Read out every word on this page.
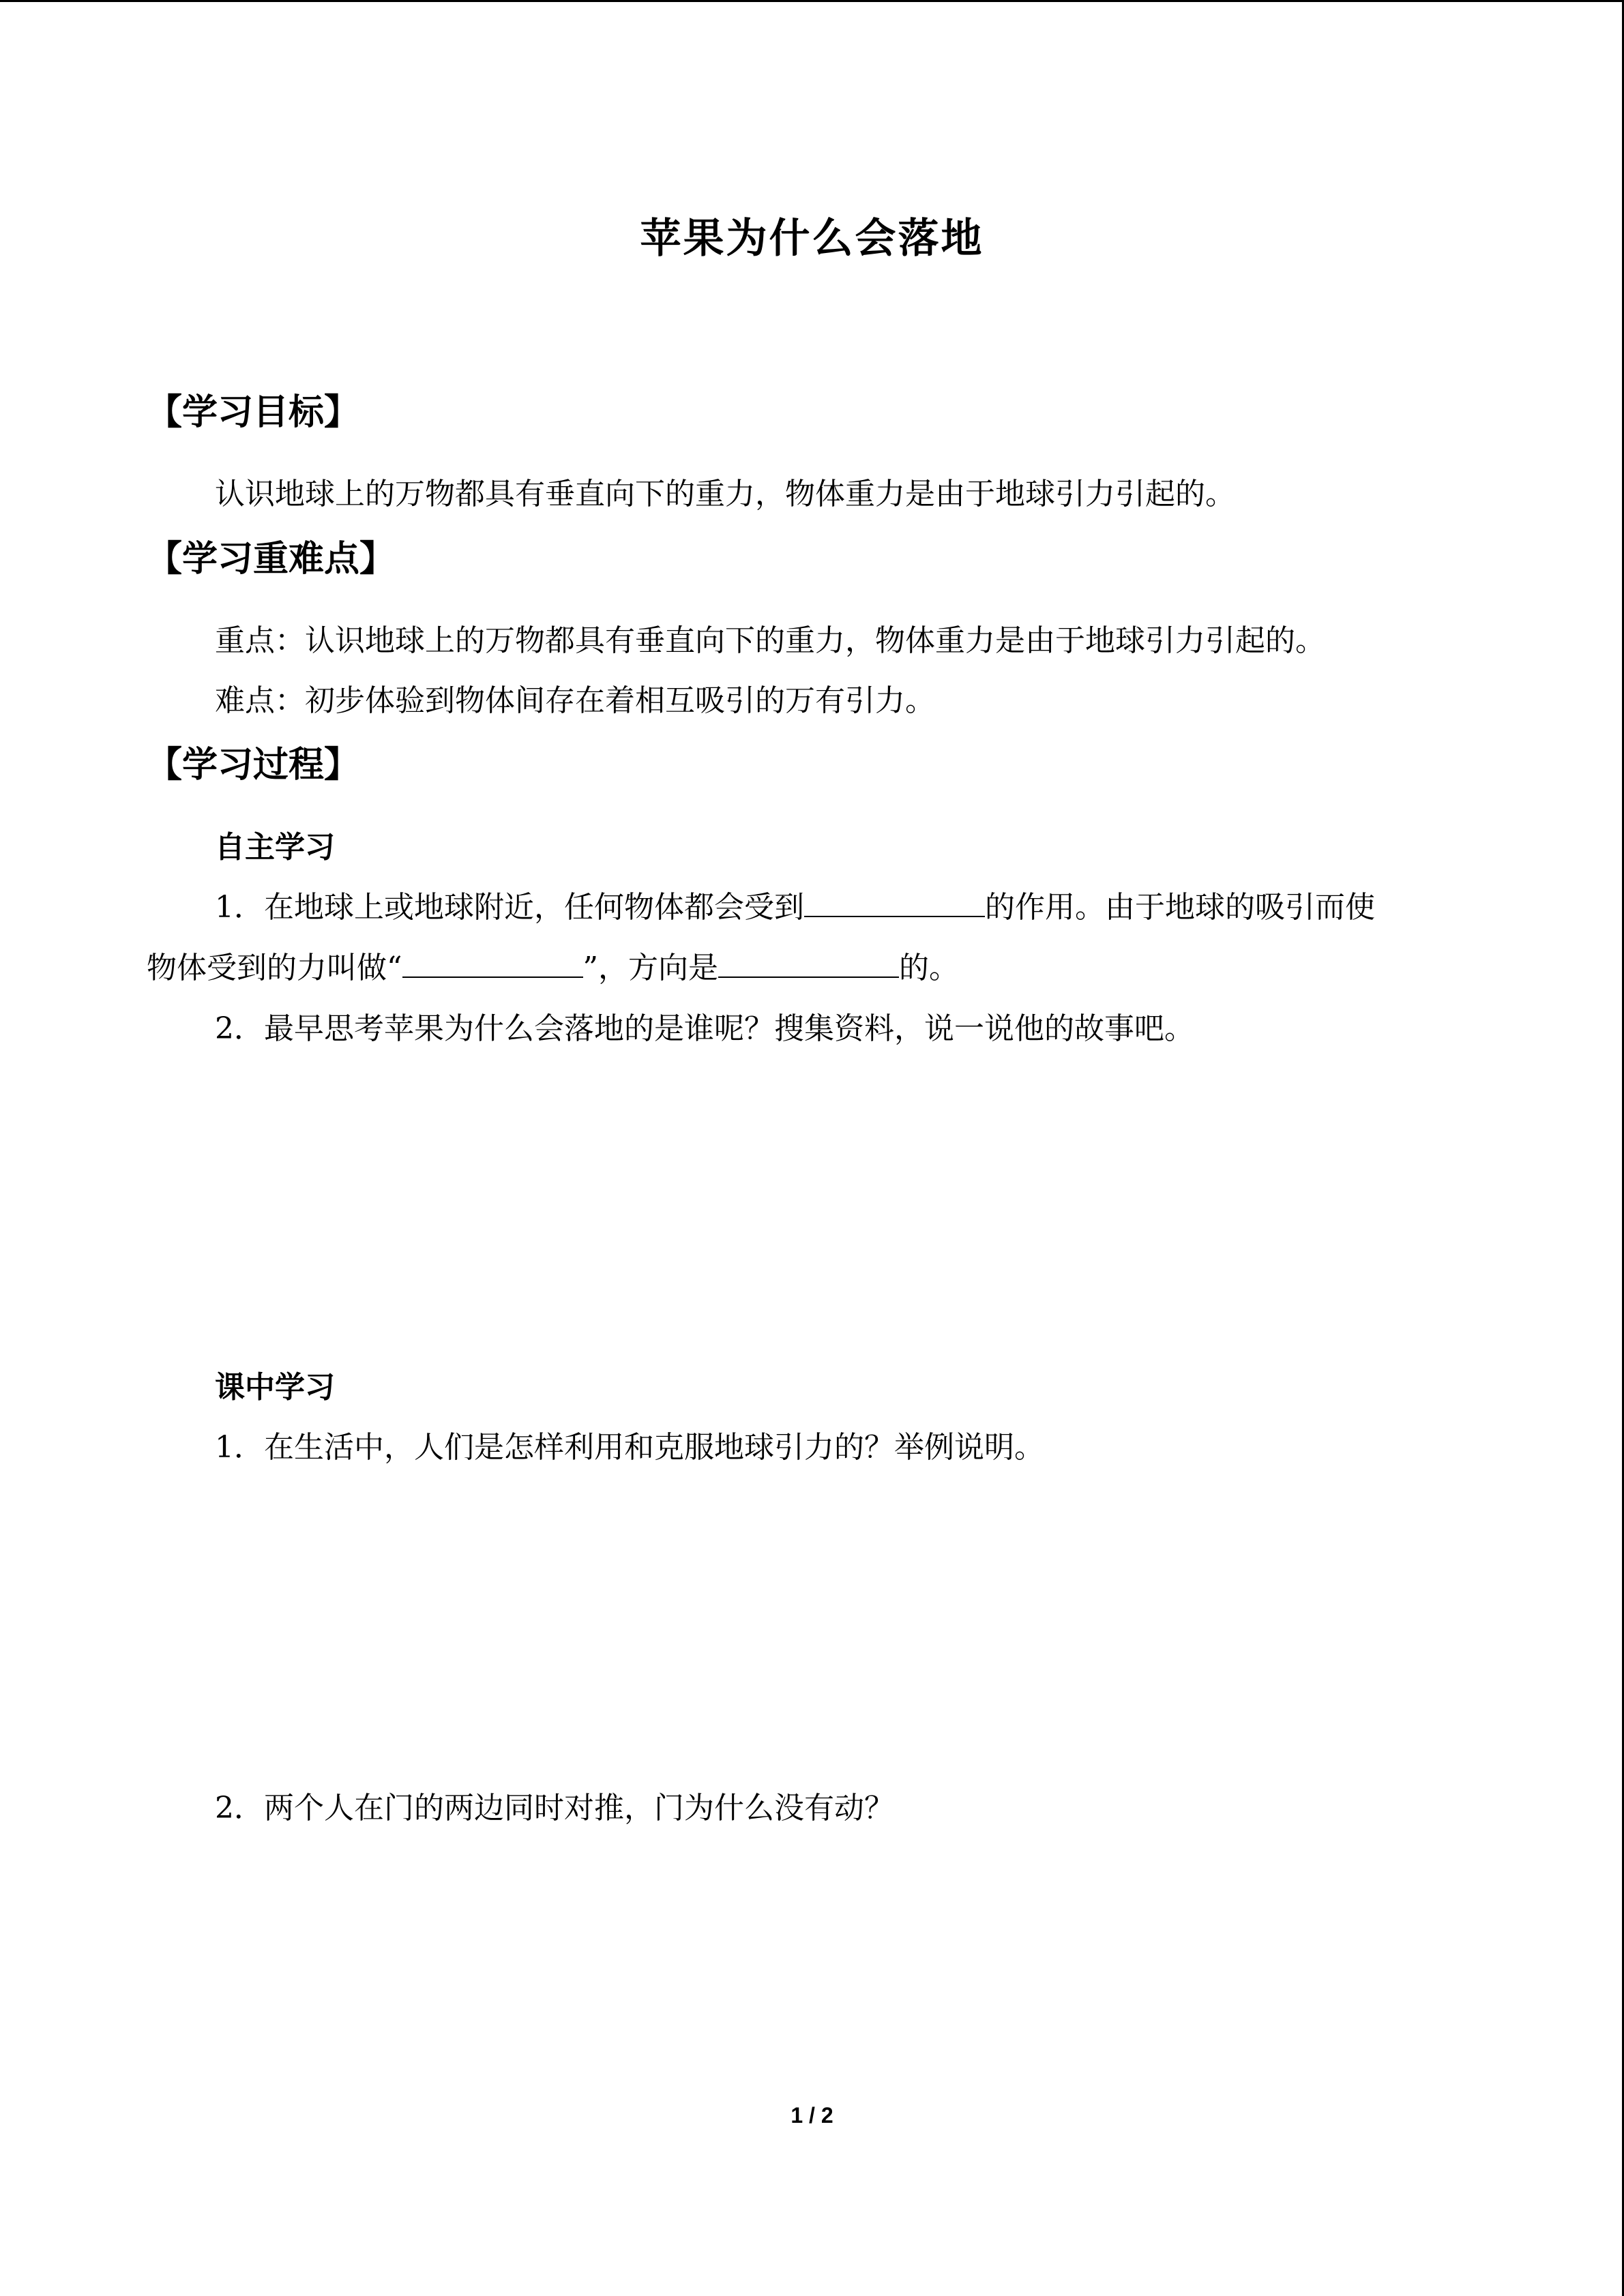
苹果为什么会落地
【学习目标】
认识地球上的万物都具有垂直向下的重力，物体重力是由于地球引力引起的。
【学习重难点】
重点：认识地球上的万物都具有垂直向下的重力，物体重力是由于地球引力引起的。
难点：初步体验到物体间存在着相互吸引的万有引力。
【学习过程】
自主学习
1．在地球上或地球附近，任何物体都会受到	的作用。由于地球的吸引而使
物体受到的力叫做“	”，方向是	的。
2．最早思考苹果为什么会落地的是谁呢？搜集资料，说一说他的故事吧。
课中学习
1．在生活中，人们是怎样利用和克服地球引力的？举例说明。
2．两个人在门的两边同时对推，门为什么没有动？
1 / 2
